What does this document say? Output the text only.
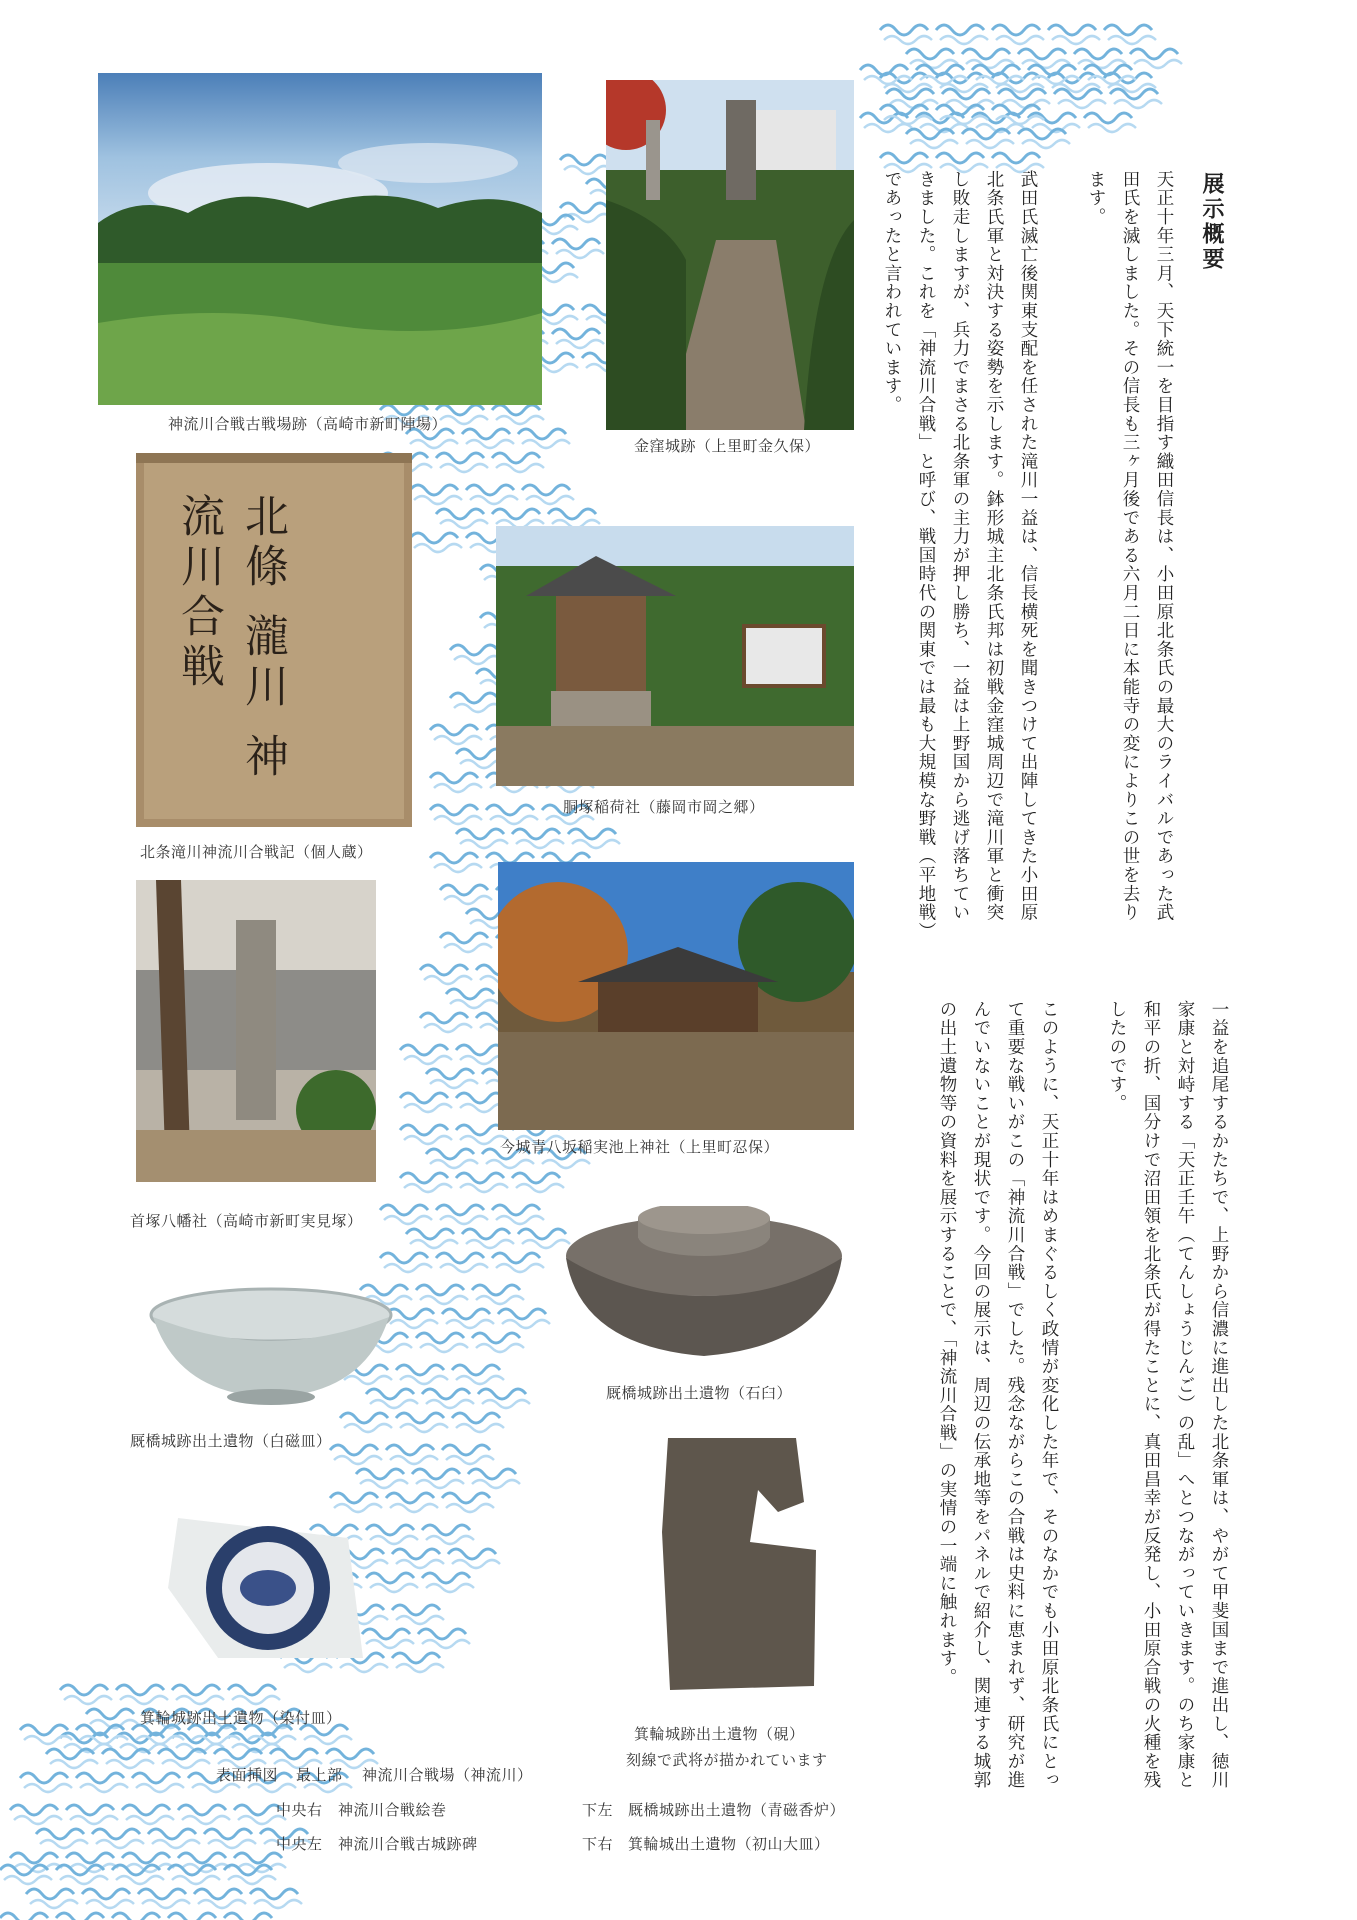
神流川合戦古戦場跡（高崎市新町陣場）
金窪城跡（上里町金久保）
北條 瀧川 神流川合戦
北条滝川神流川合戦記（個人蔵）
胴塚稲荷社（藤岡市岡之郷）
首塚八幡社（高崎市新町実見塚）
今城青八坂稲実池上神社（上里町忍保）
厩橋城跡出土遺物（白磁皿）
厩橋城跡出土遺物（石臼）
箕輪城跡出土遺物（染付皿）
箕輪城跡出土遺物（硯）
刻線で武将が描かれています
展示概要

天正十年三月、天下統一を目指す織田信長は、小田原北条氏の最大のライバルであった武田氏を滅しました。その信長も三ヶ月後である六月二日に本能寺の変によりこの世を去ります。

武田氏滅亡後関東支配を任された滝川一益は、信長横死を聞きつけて出陣してきた小田原北条氏軍と対決する姿勢を示します。鉢形城主北条氏邦は初戦金窪城周辺で滝川軍と衝突し敗走しますが、兵力でまさる北条軍の主力が押し勝ち、一益は上野国から逃げ落ちていきました。これを「神流川合戦」と呼び、戦国時代の関東では最も大規模な野戦（平地戦）であったと言われています。

一益を追尾するかたちで、上野から信濃に進出した北条軍は、やがて甲斐国まで進出し、徳川家康と対峙する「天正壬午（てんしょうじんご）の乱」へとつながっていきます。のち家康と和平の折、国分けで沼田領を北条氏が得たことに、真田昌幸が反発し、小田原合戦の火種を残したのです。

このように、天正十年はめまぐるしく政情が変化した年で、そのなかでも小田原北条氏にとって重要な戦いがこの「神流川合戦」でした。残念ながらこの合戦は史料に恵まれず、研究が進んでいないことが現状です。今回の展示は、周辺の伝承地等をパネルで紹介し、関連する城郭の出土遺物等の資料を展示することで、「神流川合戦」の実情の一端に触れます。

表面挿図 最上部 神流川合戦場（神流川）
中央右 神流川合戦絵巻
中央左 神流川合戦古城跡碑
下左 厩橋城跡出土遺物（青磁香炉）
下右 箕輪城出土遺物（初山大皿）
